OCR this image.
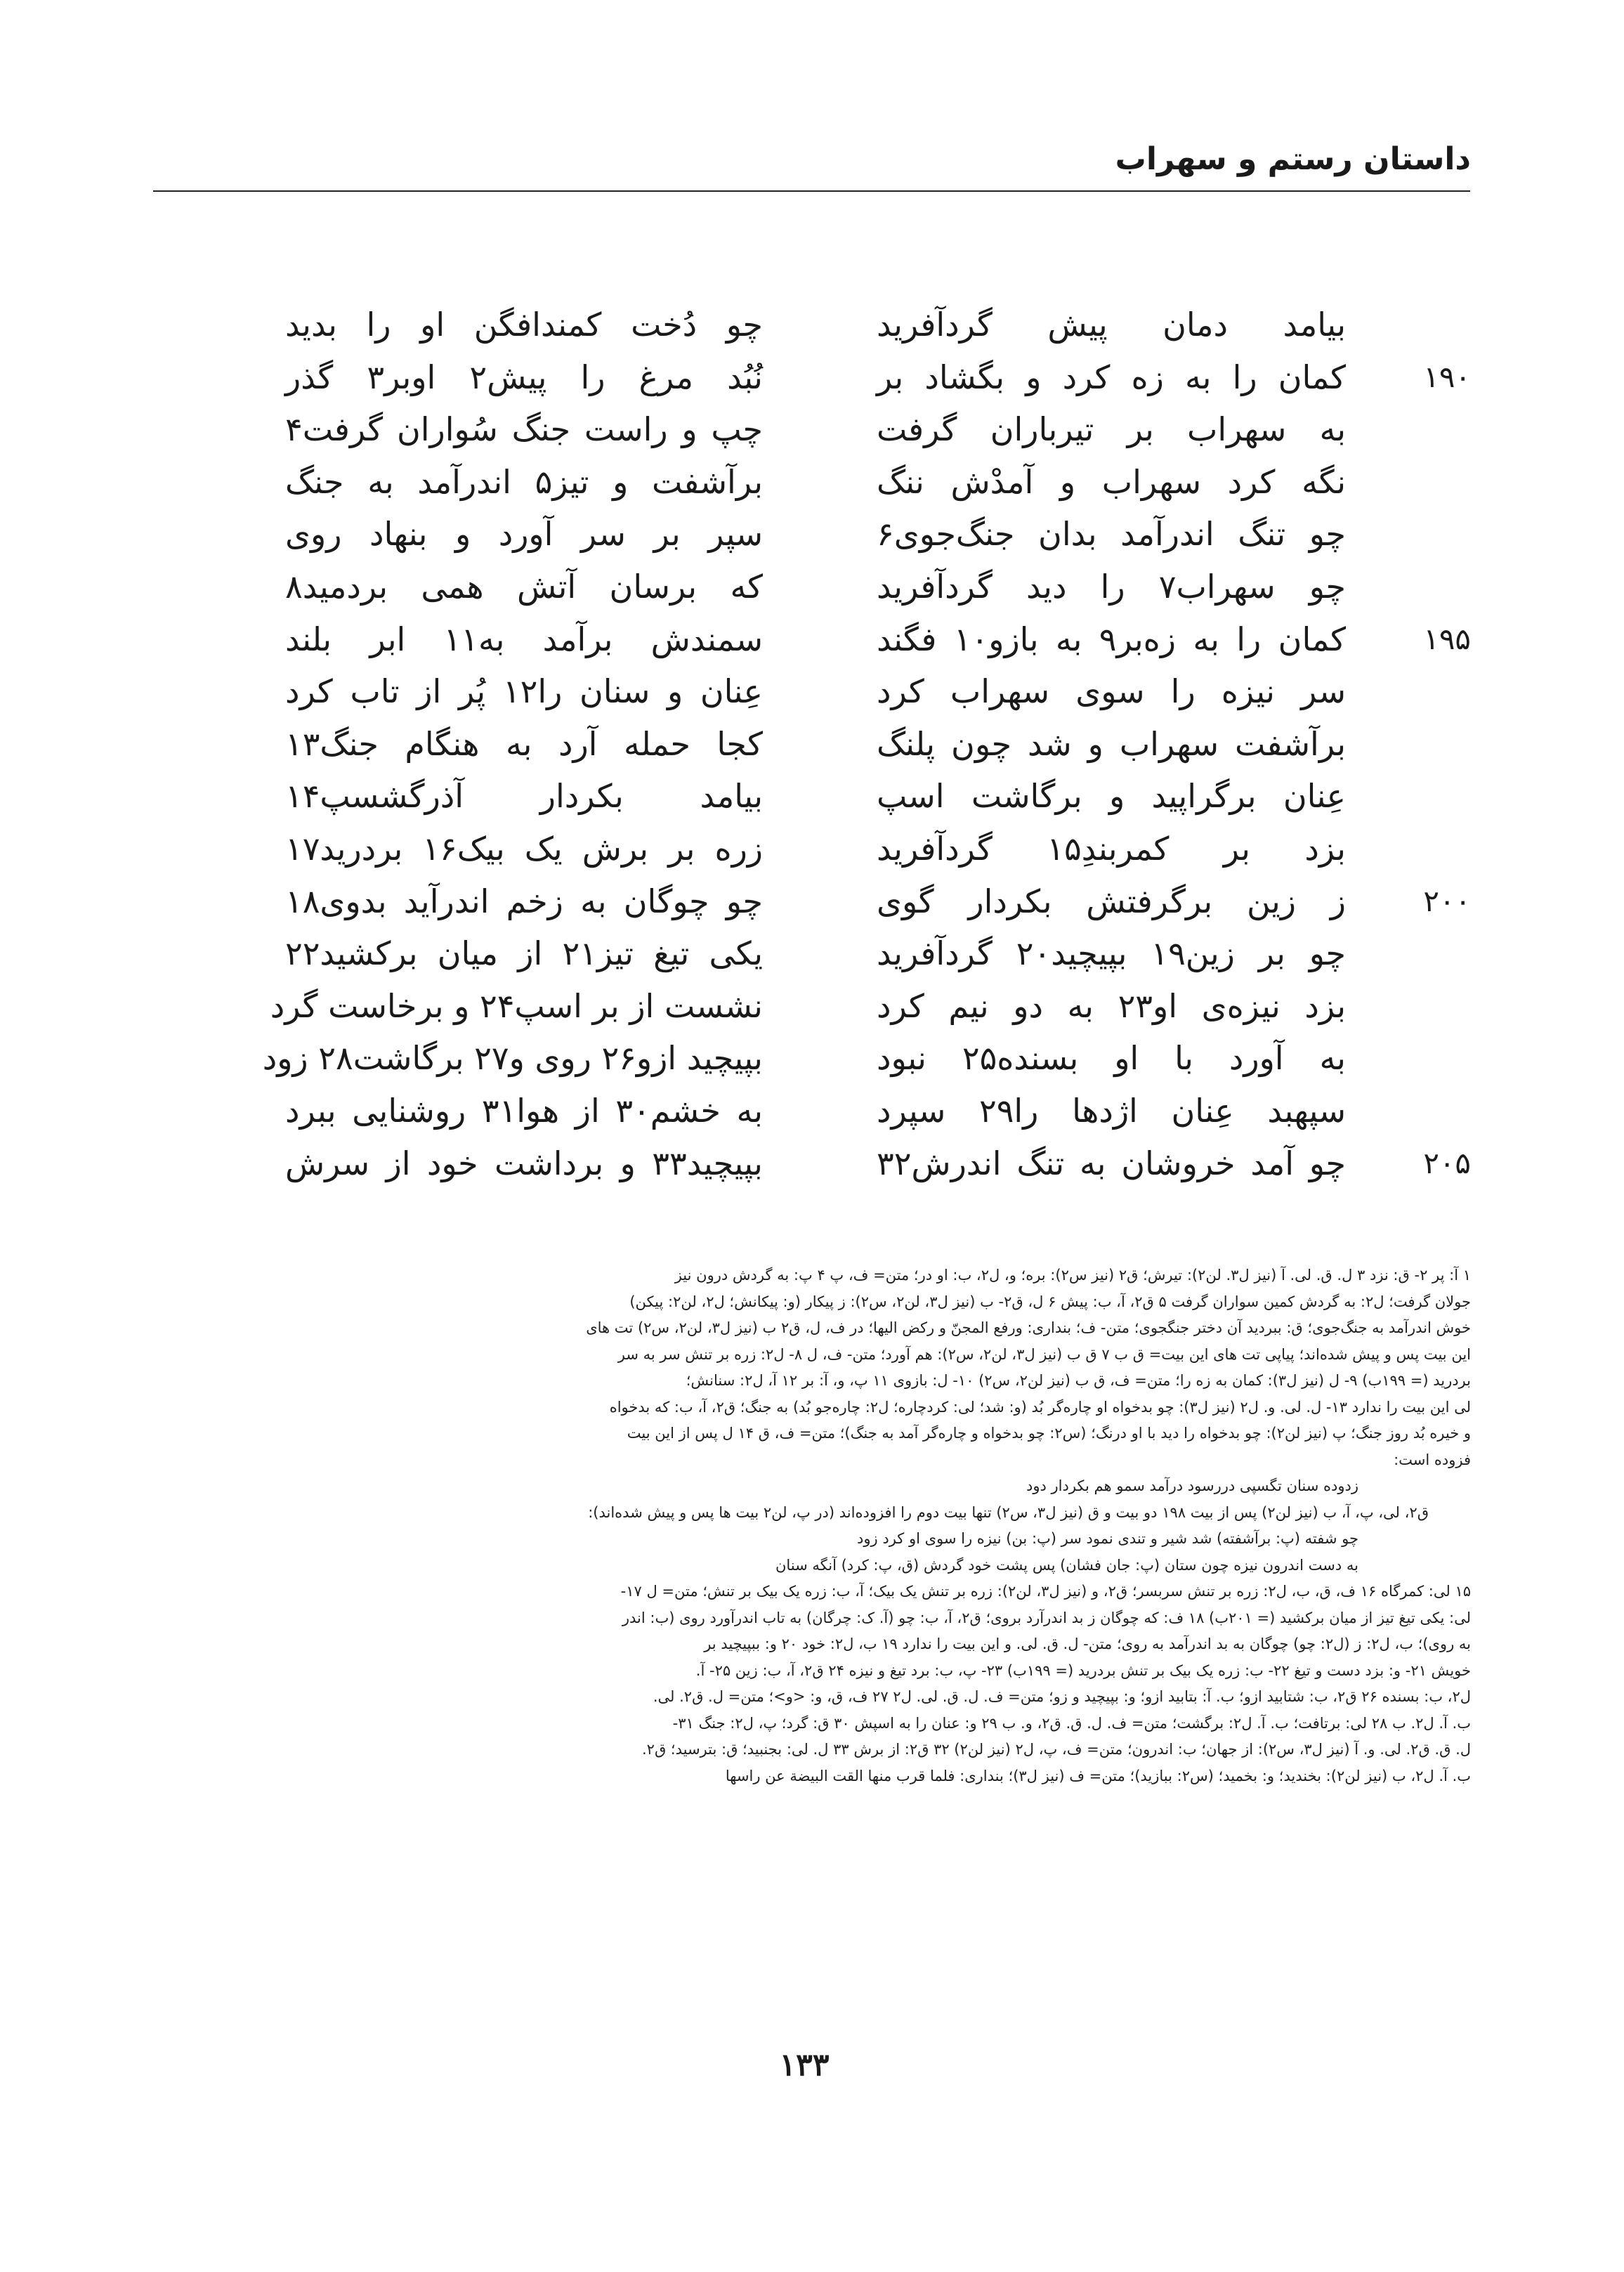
داستان رستم و سهراب
بیامد دمان پیش گردآفرید
چو دُخت کمندافگن او را بدید
۱۹۰
کمان را به زه کرد و بگشاد بر
نُبُد مرغ را پیش۲ اوبر۳ گذر
به سهراب بر تیرباران گرفت
چپ و راست جنگ سُواران گرفت۴
نگه کرد سهراب و آمدْش ننگ
برآشفت و تیز۵ اندرآمد به جنگ
چو تنگ اندرآمد بدان جنگ‌جوی۶
سپر بر سر آورد و بنهاد روی
چو سهراب۷ را دید گردآفرید
که برسان آتش همی بردمید۸
۱۹۵
کمان را به زه‌بر۹ به بازو۱۰ فگند
سمندش برآمد به۱۱ ابر بلند
سر نیزه را سوی سهراب کرد
عِنان و سنان را۱۲ پُر از تاب کرد
برآشفت سهراب و شد چون پلنگ
کجا حمله آرد به هنگام جنگ۱۳
عِنان برگراپید و برگاشت اسپ
بیامد بکردار آذرگشسپ۱۴
بزد بر کمربندِ۱۵ گردآفرید
زره بر برش یک بیک۱۶ بردرید۱۷
۲۰۰
ز زین برگرفتش بکردار گوی
چو چوگان به زخم اندرآید بدوی۱۸
چو بر زین۱۹ بپیچید۲۰ گردآفرید
یکی تیغ تیز۲۱ از میان برکشید۲۲
بزد نیزه‌ی او۲۳ به دو نیم کرد
نشست از بر اسپ۲۴ و برخاست گرد
به آورد با او بسنده۲۵ نبود
بپیچید ازو۲۶ روی و۲۷ برگاشت۲۸ زود
سپهبد عِنان اژدها را۲۹ سپرد
به خشم۳۰ از هوا۳۱ روشنایی ببرد
۲۰۵
چو آمد خروشان به تنگ اندرش۳۲
بپیچید۳۳ و برداشت خود از سرش

۱ آ: پر ۲- ق: نزد ۳ ل. ق. لی. آ (نیز ل۳. لن۲): تیرش؛ ق۲ (نیز س۲): بره؛ و، ل۲، ب: او در؛ متن= ف، پ ۴ پ: به گردش درون نیز

جولان گرفت؛ ل۲: به گردش کمین سواران گرفت ۵ ق۲، آ، ب: پیش ۶ ل، ق۲- ب (نیز ل۳، لن۲، س۲): ز پیکار (و: پیکانش؛ ل۲، لن۲: پیکن)

خوش اندرآمد به جنگ‌جوی؛ ق: ببردید آن دختر جنگجوی؛ متن- ف؛ بنداری: ورفع المجنّ و رکض الیها؛ در ف، ل، ق۲ ب (نیز ل۳، لن۲، س۲) تت های

این بیت پس و پیش شده‌اند؛ پیاپی تت های این بیت= ق ب ۷ ق ب (نیز ل۳، لن۲، س۲): هم آورد؛ متن- ف، ل ۸- ل۲: زره بر تنش سر به سر

بردرید (= ۱۹۹ب) ۹- ل (نیز ل۳): کمان به زه را؛ متن= ف، ق ب (نیز لن۲، س۲) ۱۰- ل: بازوی ۱۱ پ، و، آ: بر ۱۲ آ، ل۲: سنانش؛

لی این بیت را ندارد ۱۳- ل. لی. و. ل۲ (نیز ل۳): چو بدخواه او چاره‌گر بُد (و: شد؛ لی: کردچاره؛ ل۲: چاره‌جو بُد) به جنگ؛ ق۲، آ، ب: که بدخواه

و خیره بُد روز جنگ؛ پ (نیز لن۲): چو بدخواه را دید با او درنگ؛ (س۲: چو بدخواه و چاره‌گر آمد به جنگ)؛ متن= ف، ق ۱۴ ل پس از این بیت

فزوده است:

زدوده سنان تگسپی دررسود درآمد سمو هم بکردار دود

ق۲، لی، پ، آ، ب (نیز لن۲) پس از بیت ۱۹۸ دو بیت و ق (نیز ل۳، س۲) تنها بیت دوم را افزوده‌اند (در پ، لن۲ بیت ها پس و پیش شده‌اند):

چو شفته (پ: برآشفته) شد شیر و تندی نمود سر (پ: بن) نیزه را سوی او کرد زود

به دست اندرون نیزه چون ستان (پ: جان فشان) پس پشت خود گردش (ق، پ: کرد) آنگه سنان

۱۵ لی: کمرگاه ۱۶ ف، ق، ب، ل۲: زره بر تنش سربسر؛ ق۲، و (نیز ل۳، لن۲): زره بر تنش یک بیک؛ آ، ب: زره یک بیک بر تنش؛ متن= ل ۱۷-

لی: یکی تیغ تیز از میان برکشید (= ۲۰۱ب) ۱۸ ف: که چوگان ز بد اندرآرد بروی؛ ق۲، آ، ب: چو (آ. ک: چرگان) به تاب اندرآورد روی (ب: اندر

به روی)؛ ب، ل۲: ز (ل۲: چو) چوگان به بد اندرآمد به روی؛ متن- ل. ق. لی. و این بیت را ندارد ۱۹ ب، ل۲: خود ۲۰ و: ببپیچید بر

خویش ۲۱- و: بزد دست و تیغ ۲۲- ب: زره یک بیک بر تنش بردرید (= ۱۹۹ب) ۲۳- پ، ب: برد تیغ و نیزه ۲۴ ق۲، آ، ب: زین ۲۵- آ.

ل۲، ب: بسنده ۲۶ ق۲، ب: شتابید ازو؛ ب. آ: بتابید ازو؛ و: بپیچید و زو؛ متن= ف. ل. ق. لی. ل۲ ۲۷ ف، ق، و: <و>؛ متن= ل. ق۲. لی.

ب. آ. ل۲. ب ۲۸ لی: برتافت؛ ب. آ. ل۲: برگشت؛ متن= ف. ل. ق. ق۲، و. ب ۲۹ و: عنان را به اسپش ۳۰ ق: گرد؛ پ، ل۲: جنگ ۳۱-

ل. ق. ق۲. لی. و. آ (نیز ل۳، س۲): از جهان؛ ب: اندرون؛ متن= ف، پ، ل۲ (نیز لن۲) ۳۲ ق۲: از برش ۳۳ ل. لی: بجنبید؛ ق: بترسید؛ ق۲.

ب. آ. ل۲، ب (نیز لن۲): بخندید؛ و: بخمید؛ (س۲: ببازید)؛ متن= ف (نیز ل۳)؛ بنداری: فلما قرب منها القت البیضة عن راسها

۱۳۳
